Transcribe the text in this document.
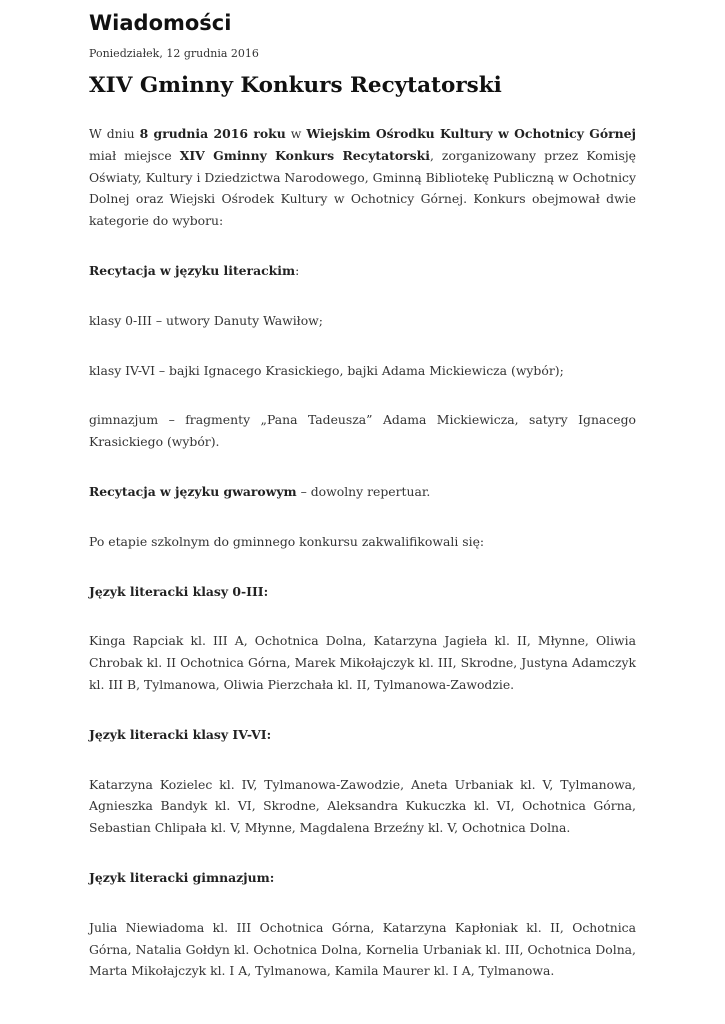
Wiadomości
Poniedziałek, 12 grudnia 2016
XIV Gminny Konkurs Recytatorski

W dniu 8 grudnia 2016 roku w Wiejskim Ośrodku Kultury w Ochotnicy Górnej miał miejsce XIV Gminny Konkurs Recytatorski, zorganizowany przez Komisję Oświaty, Kultury i Dziedzictwa Narodowego, Gminną Bibliotekę Publiczną w Ochotnicy Dolnej oraz Wiejski Ośrodek Kultury w Ochotnicy Górnej. Konkurs obejmował dwie kategorie do wyboru:

Recytacja w języku literackim:

klasy 0-III – utwory Danuty Wawiłow;

klasy IV-VI – bajki Ignacego Krasickiego, bajki Adama Mickiewicza (wybór);

gimnazjum – fragmenty „Pana Tadeusza” Adama Mickiewicza, satyry Ignacego Krasickiego (wybór).

Recytacja w języku gwarowym – dowolny repertuar.

Po etapie szkolnym do gminnego konkursu zakwalifikowali się:

Język literacki klasy 0-III:

Kinga Rapciak kl. III A, Ochotnica Dolna, Katarzyna Jagieła kl. II, Młynne, Oliwia Chrobak kl. II Ochotnica Górna, Marek Mikołajczyk kl. III, Skrodne, Justyna Adamczyk kl. III B, Tylmanowa, Oliwia Pierzchała kl. II, Tylmanowa-Zawodzie.

Język literacki klasy IV-VI:

Katarzyna Kozielec kl. IV, Tylmanowa-Zawodzie, Aneta Urbaniak kl. V, Tylmanowa, Agnieszka Bandyk kl. VI, Skrodne, Aleksandra Kukuczka kl. VI, Ochotnica Górna, Sebastian Chlipała kl. V, Młynne, Magdalena Brzeźny kl. V, Ochotnica Dolna.

Język literacki gimnazjum:

Julia Niewiadoma kl. III Ochotnica Górna, Katarzyna Kapłoniak kl. II, Ochotnica Górna, Natalia Gołdyn kl. Ochotnica Dolna, Kornelia Urbaniak kl. III, Ochotnica Dolna, Marta Mikołajczyk kl. I A, Tylmanowa, Kamila Maurer kl. I A, Tylmanowa.
